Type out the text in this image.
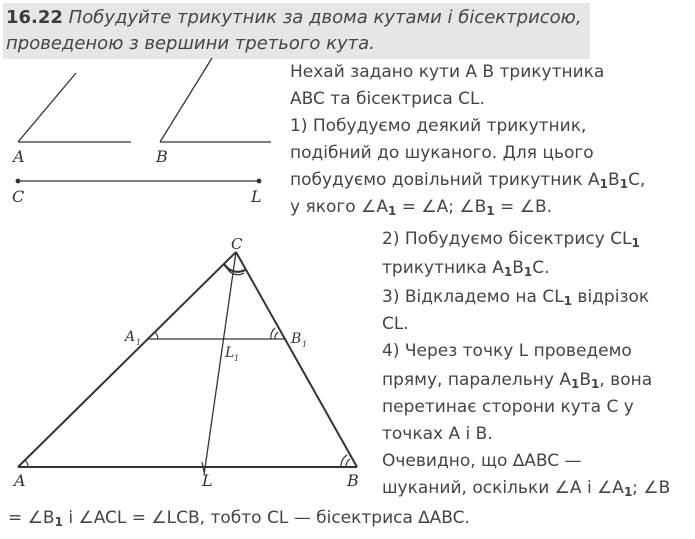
16.22 Побудуйте трикутник за двома кутами і бісектрисою,
проведеною з вершини третього кута.
A	B
C	L
C
A 1	B 1
L 1
A	L	B
Нехай задано кути A B трикутника
ABC та бісектриса CL.
1) Побудуємо деякий трикутник,
подібний до шуканого. Для цього
побудуємо довільний трикутник $A_1B_1C$,
у якого $\angle A_1$ = ∠A; $\angle B_1$ = ∠B.
2) Побудуємо бісектрису $CL_1$
трикутника $A_1B_1C$.
3) Відкладемо на $CL_1$ відрізок
CL.
4) Через точку L проведемо
пряму, паралельну $A_1B_1$, вона
перетинає сторони кута C у
точках A і B.
Очевидно, що ∆ABC —
шуканий, оскільки ∠A і $\angle A_1$; ∠B
= $\angle B_1$ і ∠ACL = ∠LCB, тобто CL — бісектриса ∆ABC.
